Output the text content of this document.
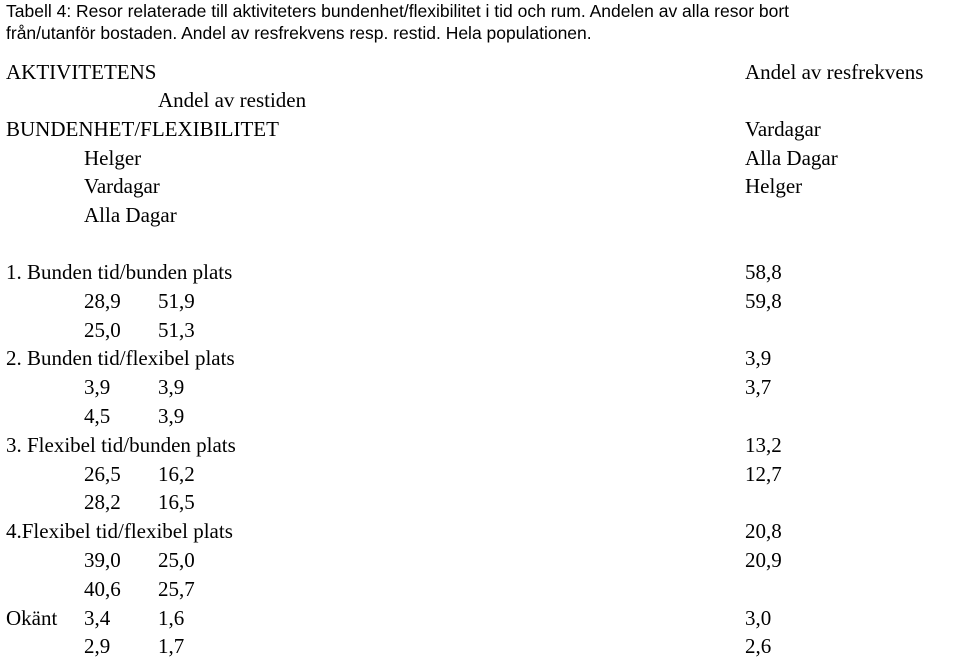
Tabell 4: Resor relaterade till aktiviteters bundenhet/flexibilitet i tid och rum. Andelen av alla resor bort
från/utanför bostaden. Andel av resfrekvens resp. restid. Hela populationen.
AKTIVITETENS	Andel av resfrekvens
Andel av restiden
BUNDENHET/FLEXIBILITET	Vardagar
Helger	Alla Dagar
Vardagar	Helger
Alla Dagar
1. Bunden tid/bunden plats	58,8
28,9 51,9	59,8
25,0 51,3
2. Bunden tid/flexibel plats	3,9
3,9 3,9	3,7
4,5 3,9
3. Flexibel tid/bunden plats	13,2
26,5 16,2	12,7
28,2 16,5
4.Flexibel tid/flexibel plats	20,8
39,0 25,0	20,9
40,6 25,7
Okänt 3,4 1,6	3,0
2,9 1,7	2,6
